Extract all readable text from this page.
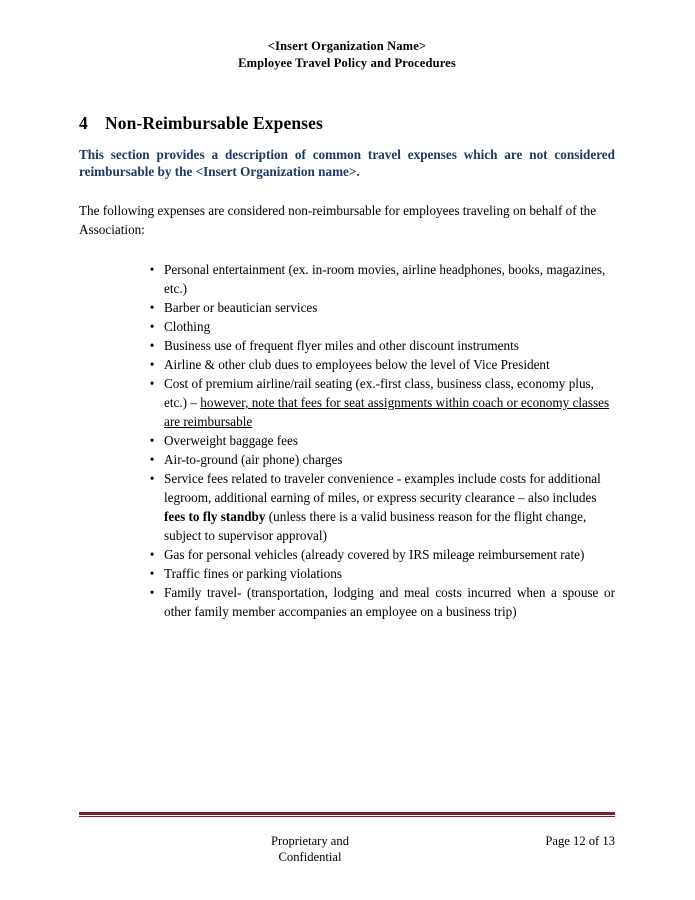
<Insert Organization Name>
Employee Travel Policy and Procedures
4 Non-Reimbursable Expenses

This section provides a description of common travel expenses which are not considered reimbursable by the <Insert Organization name>.

The following expenses are considered non-reimbursable for employees traveling on behalf of the Association:

• Personal entertainment (ex. in-room movies, airline headphones, books, magazines, etc.)
• Barber or beautician services
• Clothing
• Business use of frequent flyer miles and other discount instruments
• Airline & other club dues to employees below the level of Vice President
• Cost of premium airline/rail seating (ex.-first class, business class, economy plus, etc.) – however, note that fees for seat assignments within coach or economy classes are reimbursable
• Overweight baggage fees
• Air-to-ground (air phone) charges
• Service fees related to traveler convenience - examples include costs for additional legroom, additional earning of miles, or express security clearance – also includes fees to fly standby (unless there is a valid business reason for the flight change, subject to supervisor approval)
• Gas for personal vehicles (already covered by IRS mileage reimbursement rate)
• Traffic fines or parking violations
• Family travel- (transportation, lodging and meal costs incurred when a spouse or other family member accompanies an employee on a business trip)
Proprietary and
Confidential
Page 12 of 13
